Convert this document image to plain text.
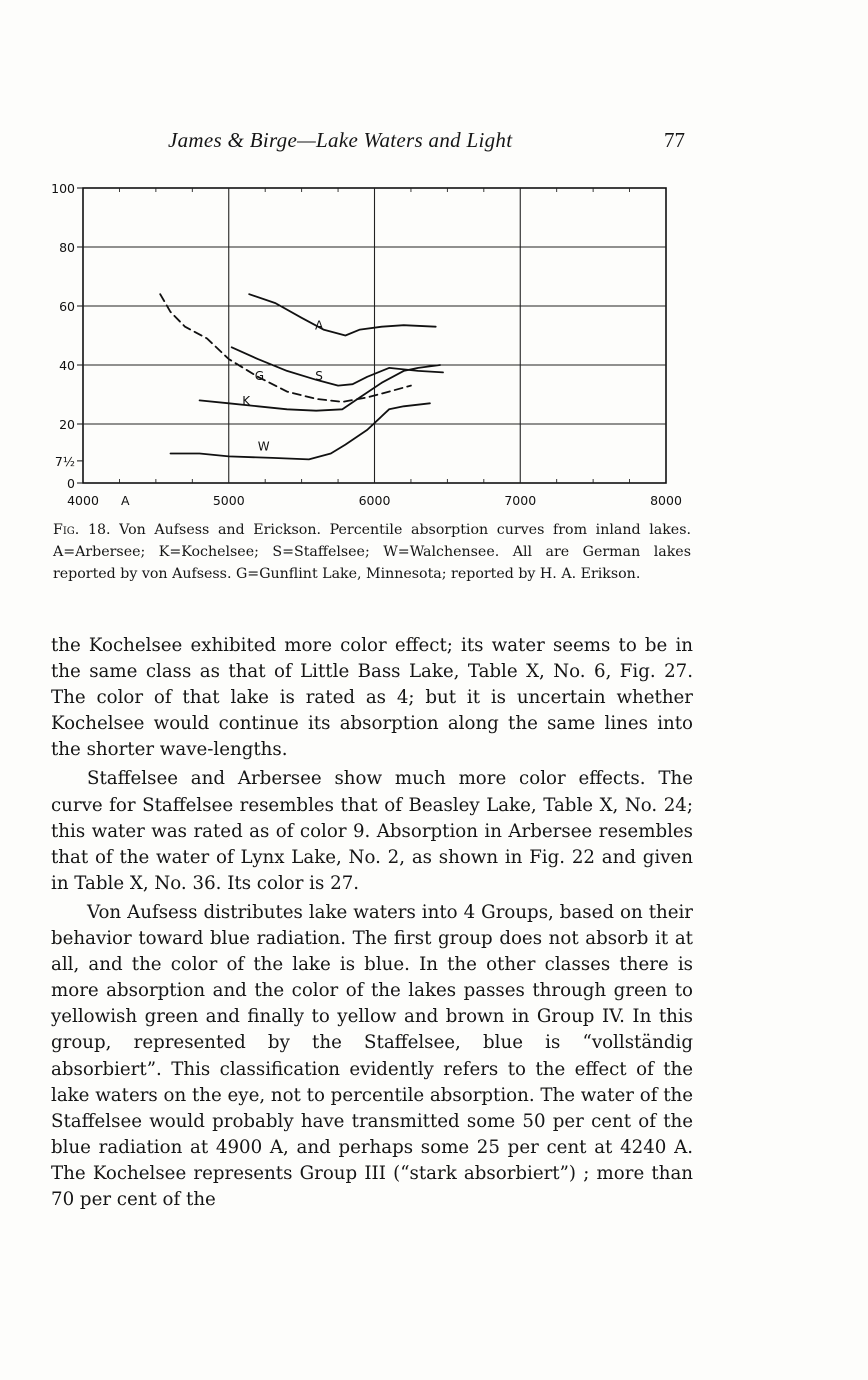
James & Birge—Lake Waters and Light	77
100
80
60
40
20
7½
0
4000 A	5000	6000	7000	8000
A
S
K
G
W
Fig. 18. Von Aufsess and Erickson. Percentile absorption curves from inland lakes. A=Arbersee; K=Kochelsee; S=Staffelsee; W=Walchensee. All are German lakes reported by von Aufsess. G=Gunflint Lake, Minnesota; reported by H. A. Erikson.

the Kochelsee exhibited more color effect; its water seems to be in the same class as that of Little Bass Lake, Table X, No. 6, Fig. 27. The color of that lake is rated as 4; but it is uncertain whether Kochelsee would continue its absorption along the same lines into the shorter wave-lengths.

Staffelsee and Arbersee show much more color effects. The curve for Staffelsee resembles that of Beasley Lake, Table X, No. 24; this water was rated as of color 9. Absorption in Arbersee resembles that of the water of Lynx Lake, No. 2, as shown in Fig. 22 and given in Table X, No. 36. Its color is 27.

Von Aufsess distributes lake waters into 4 Groups, based on their behavior toward blue radiation. The first group does not absorb it at all, and the color of the lake is blue. In the other classes there is more absorption and the color of the lakes passes through green to yellowish green and finally to yellow and brown in Group IV. In this group, represented by the Staffelsee, blue is “vollständig absorbiert”. This classification evidently refers to the effect of the lake waters on the eye, not to percentile absorption. The water of the Staffelsee would probably have transmitted some 50 per cent of the blue radiation at 4900 A, and perhaps some 25 per cent at 4240 A. The Kochelsee represents Group III (“stark absorbiert”) ; more than 70 per cent of the
